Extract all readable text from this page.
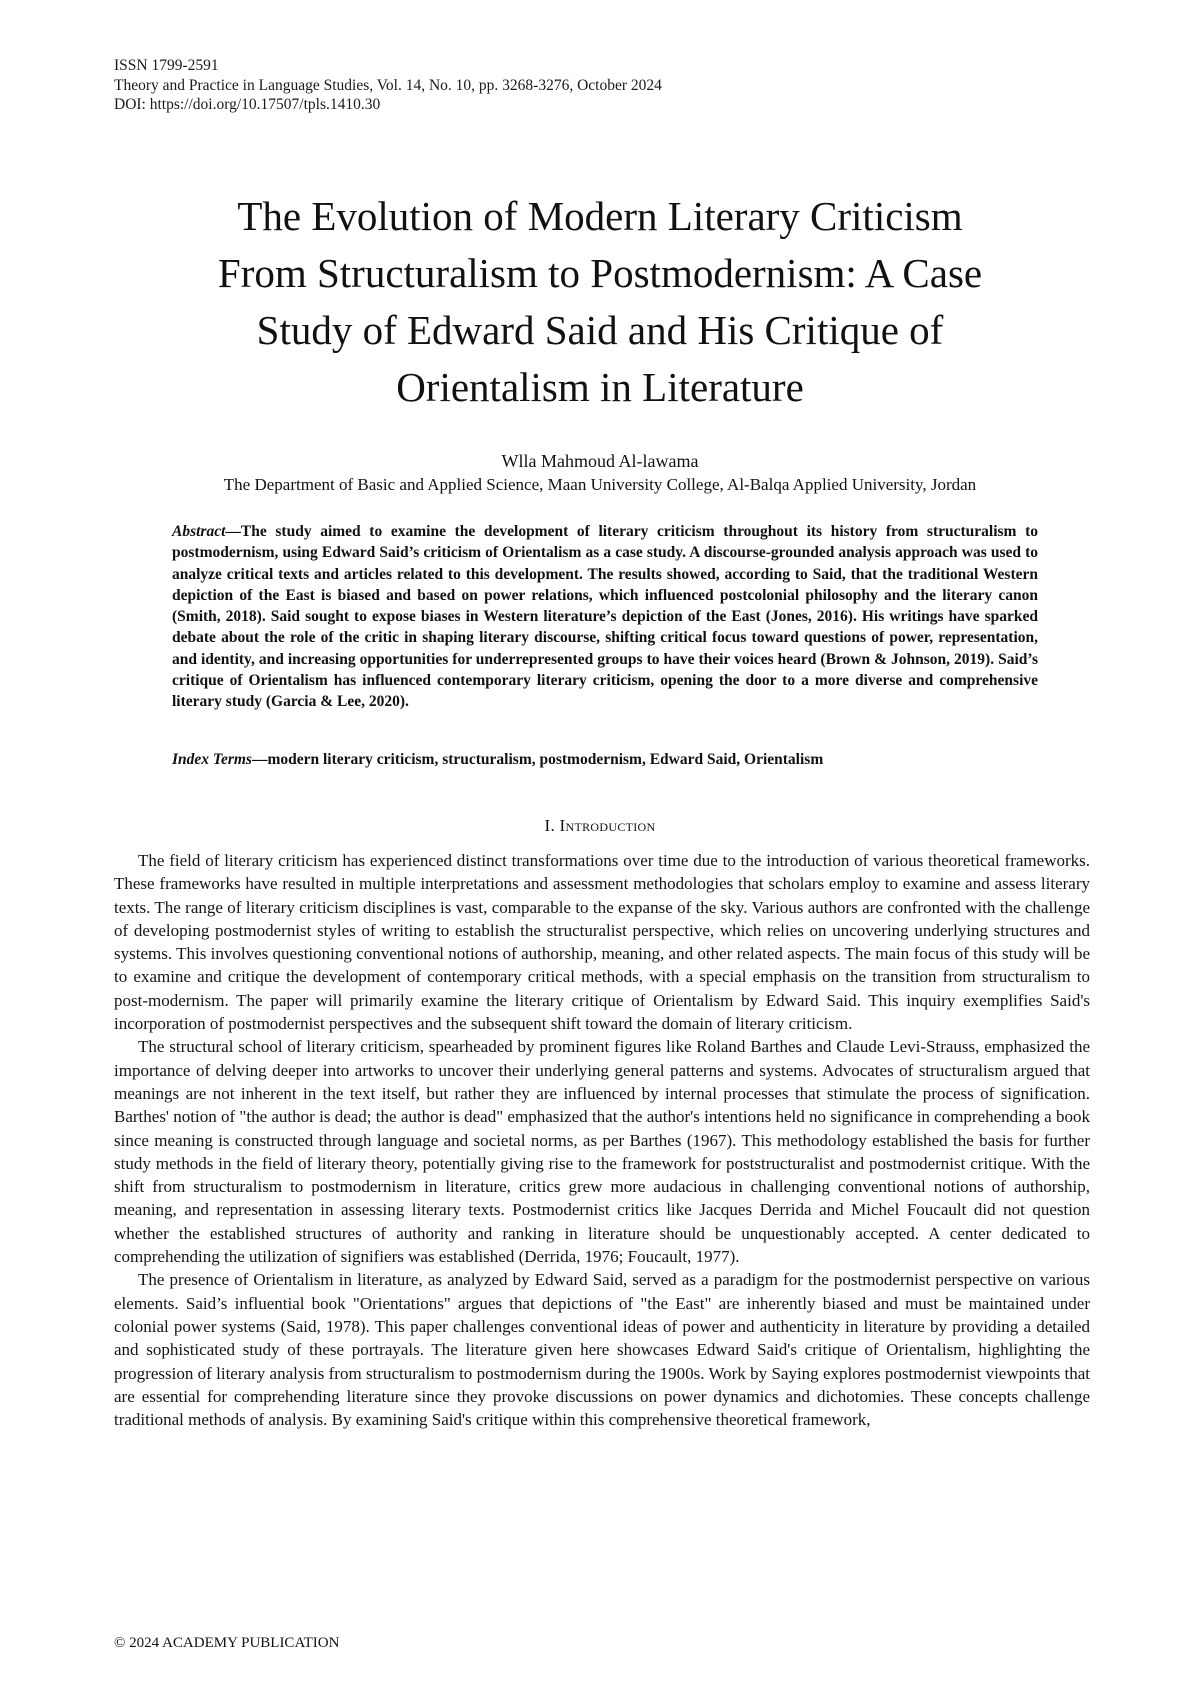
ISSN 1799-2591
Theory and Practice in Language Studies, Vol. 14, No. 10, pp. 3268-3276, October 2024
DOI: https://doi.org/10.17507/tpls.1410.30
The Evolution of Modern Literary Criticism
From Structuralism to Postmodernism: A Case
Study of Edward Said and His Critique of
Orientalism in Literature
Wlla Mahmoud Al-lawama
The Department of Basic and Applied Science, Maan University College, Al-Balqa Applied University, Jordan

Abstract—The study aimed to examine the development of literary criticism throughout its history from structuralism to postmodernism, using Edward Said’s criticism of Orientalism as a case study. A discourse-grounded analysis approach was used to analyze critical texts and articles related to this development. The results showed, according to Said, that the traditional Western depiction of the East is biased and based on power relations, which influenced postcolonial philosophy and the literary canon (Smith, 2018). Said sought to expose biases in Western literature’s depiction of the East (Jones, 2016). His writings have sparked debate about the role of the critic in shaping literary discourse, shifting critical focus toward questions of power, representation, and identity, and increasing opportunities for underrepresented groups to have their voices heard (Brown & Johnson, 2019). Said’s critique of Orientalism has influenced contemporary literary criticism, opening the door to a more diverse and comprehensive literary study (Garcia & Lee, 2020).

Index Terms—modern literary criticism, structuralism, postmodernism, Edward Said, Orientalism

I. Introduction

The field of literary criticism has experienced distinct transformations over time due to the introduction of various theoretical frameworks. These frameworks have resulted in multiple interpretations and assessment methodologies that scholars employ to examine and assess literary texts. The range of literary criticism disciplines is vast, comparable to the expanse of the sky. Various authors are confronted with the challenge of developing postmodernist styles of writing to establish the structuralist perspective, which relies on uncovering underlying structures and systems. This involves questioning conventional notions of authorship, meaning, and other related aspects. The main focus of this study will be to examine and critique the development of contemporary critical methods, with a special emphasis on the transition from structuralism to post-modernism. The paper will primarily examine the literary critique of Orientalism by Edward Said. This inquiry exemplifies Said's incorporation of postmodernist perspectives and the subsequent shift toward the domain of literary criticism.

The structural school of literary criticism, spearheaded by prominent figures like Roland Barthes and Claude Levi-Strauss, emphasized the importance of delving deeper into artworks to uncover their underlying general patterns and systems. Advocates of structuralism argued that meanings are not inherent in the text itself, but rather they are influenced by internal processes that stimulate the process of signification. Barthes' notion of "the author is dead; the author is dead" emphasized that the author's intentions held no significance in comprehending a book since meaning is constructed through language and societal norms, as per Barthes (1967). This methodology established the basis for further study methods in the field of literary theory, potentially giving rise to the framework for poststructuralist and postmodernist critique. With the shift from structuralism to postmodernism in literature, critics grew more audacious in challenging conventional notions of authorship, meaning, and representation in assessing literary texts. Postmodernist critics like Jacques Derrida and Michel Foucault did not question whether the established structures of authority and ranking in literature should be unquestionably accepted. A center dedicated to comprehending the utilization of signifiers was established (Derrida, 1976; Foucault, 1977).

The presence of Orientalism in literature, as analyzed by Edward Said, served as a paradigm for the postmodernist perspective on various elements. Said’s influential book "Orientations" argues that depictions of "the East" are inherently biased and must be maintained under colonial power systems (Said, 1978). This paper challenges conventional ideas of power and authenticity in literature by providing a detailed and sophisticated study of these portrayals. The literature given here showcases Edward Said's critique of Orientalism, highlighting the progression of literary analysis from structuralism to postmodernism during the 1900s. Work by Saying explores postmodernist viewpoints that are essential for comprehending literature since they provoke discussions on power dynamics and dichotomies. These concepts challenge traditional methods of analysis. By examining Said's critique within this comprehensive theoretical framework,

© 2024 ACADEMY PUBLICATION
